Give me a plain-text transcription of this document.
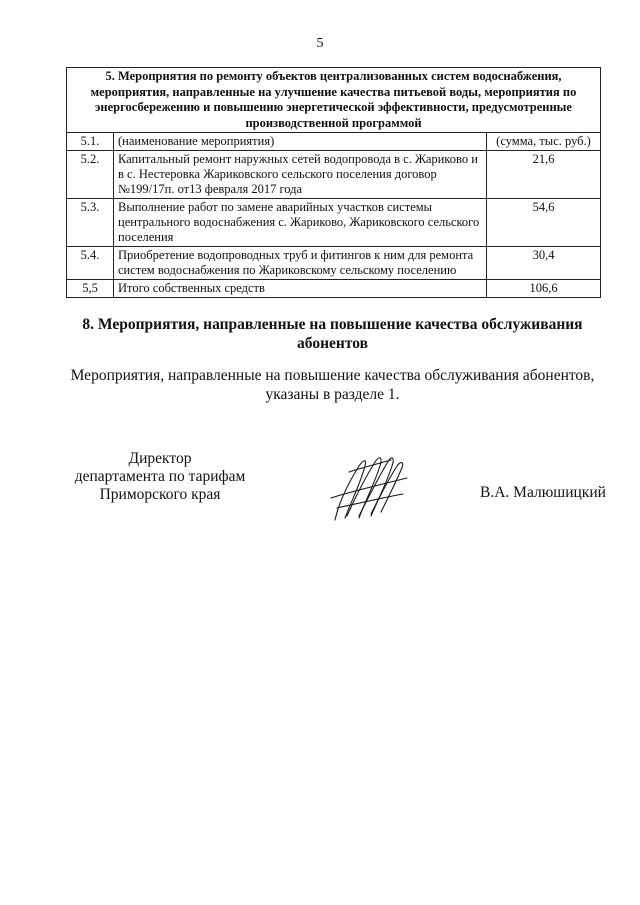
5
5. Мероприятия по ремонту объектов централизованных систем водоснабжения, мероприятия, направленные на улучшение качества питьевой воды, мероприятия по энергосбережению и повышению энергетической эффективности, предусмотренные производственной программой		
5.1.	(наименование мероприятия)	(сумма, тыс. руб.)
5.2.	Капитальный ремонт наружных сетей водопровода в с. Жариково и в с. Нестеровка Жариковского сельского поселения договор №199/17п. от13 февраля 2017 года	21,6
5.3.	Выполнение работ по замене аварийных участков системы центрального водоснабжения с. Жариково, Жариковского сельского поселения	54,6
5.4.	Приобретение водопроводных труб и фитингов к ним для ремонта систем водоснабжения по Жариковскому сельскому поселению	30,4
5,5	Итого собственных средств	106,6
8. Мероприятия, направленные на повышение качества обслуживания абонентов
Мероприятия, направленные на повышение качества обслуживания абонентов, указаны в разделе 1.
Директор
департамента по тарифам
Приморского края	В.А. Малюшицкий
